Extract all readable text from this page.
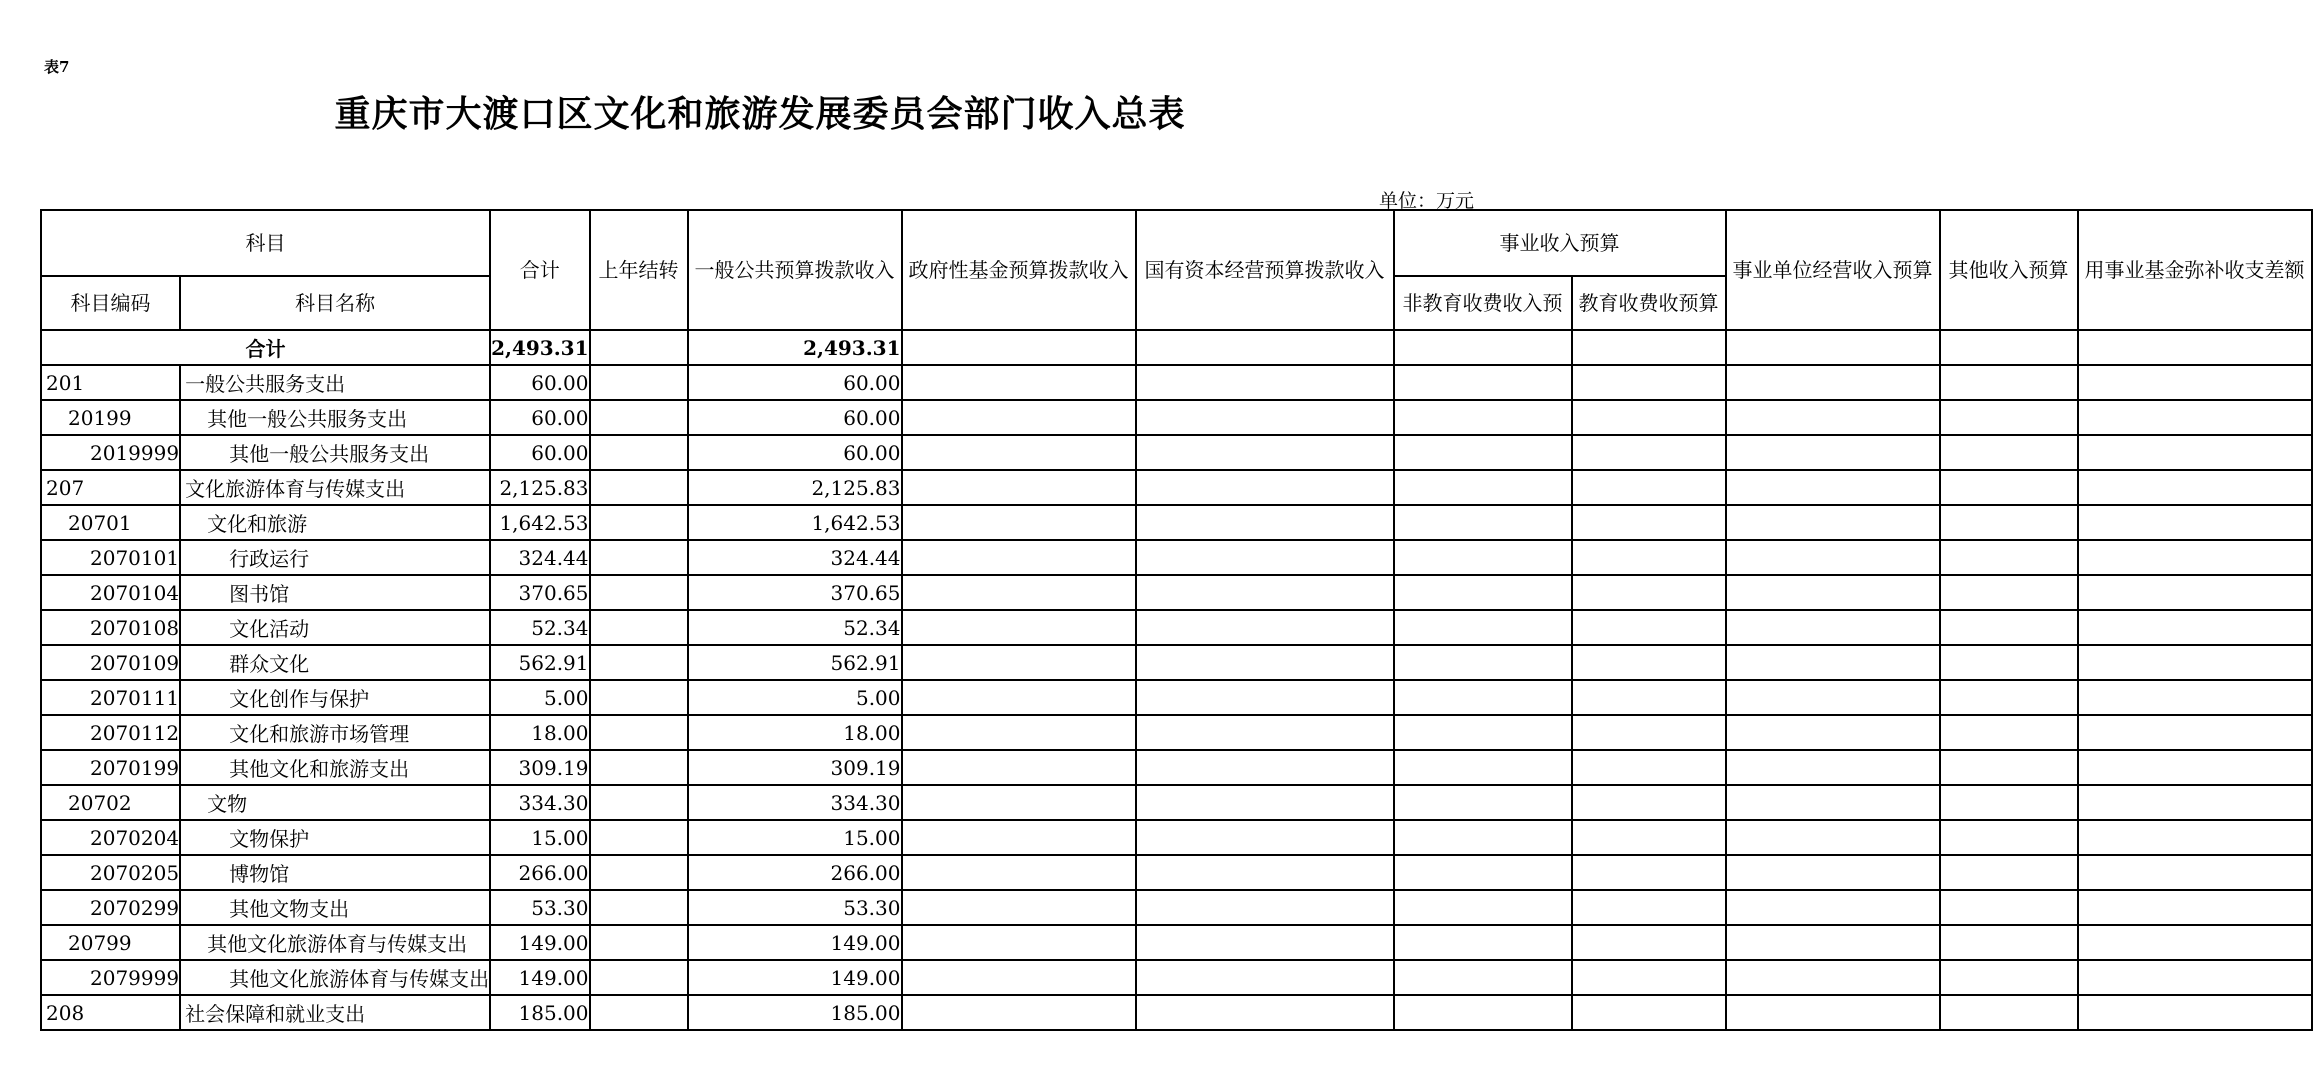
表7
重庆市大渡口区文化和旅游发展委员会部门收入总表
单位：万元
科目		合计	上年结转	一般公共预算拨款收入	政府性基金预算拨款收入	国有资本经营预算拨款收入	事业收入预算		事业单位经营收入预算	其他收入预算	用事业基金弥补收支差额
科目编码	科目名称						非教育收费收入预	教育收费收预算			
合计		2,493.31		2,493.31							
201	一般公共服务支出	60.00		60.00							
20199	其他一般公共服务支出	60.00		60.00							
2019999	其他一般公共服务支出	60.00		60.00							
207	文化旅游体育与传媒支出	2,125.83		2,125.83							
20701	文化和旅游	1,642.53		1,642.53							
2070101	行政运行	324.44		324.44							
2070104	图书馆	370.65		370.65							
2070108	文化活动	52.34		52.34							
2070109	群众文化	562.91		562.91							
2070111	文化创作与保护	5.00		5.00							
2070112	文化和旅游市场管理	18.00		18.00							
2070199	其他文化和旅游支出	309.19		309.19							
20702	文物	334.30		334.30							
2070204	文物保护	15.00		15.00							
2070205	博物馆	266.00		266.00							
2070299	其他文物支出	53.30		53.30							
20799	其他文化旅游体育与传媒支出	149.00		149.00							
2079999	其他文化旅游体育与传媒支出	149.00		149.00							
208	社会保障和就业支出	185.00		185.00							
